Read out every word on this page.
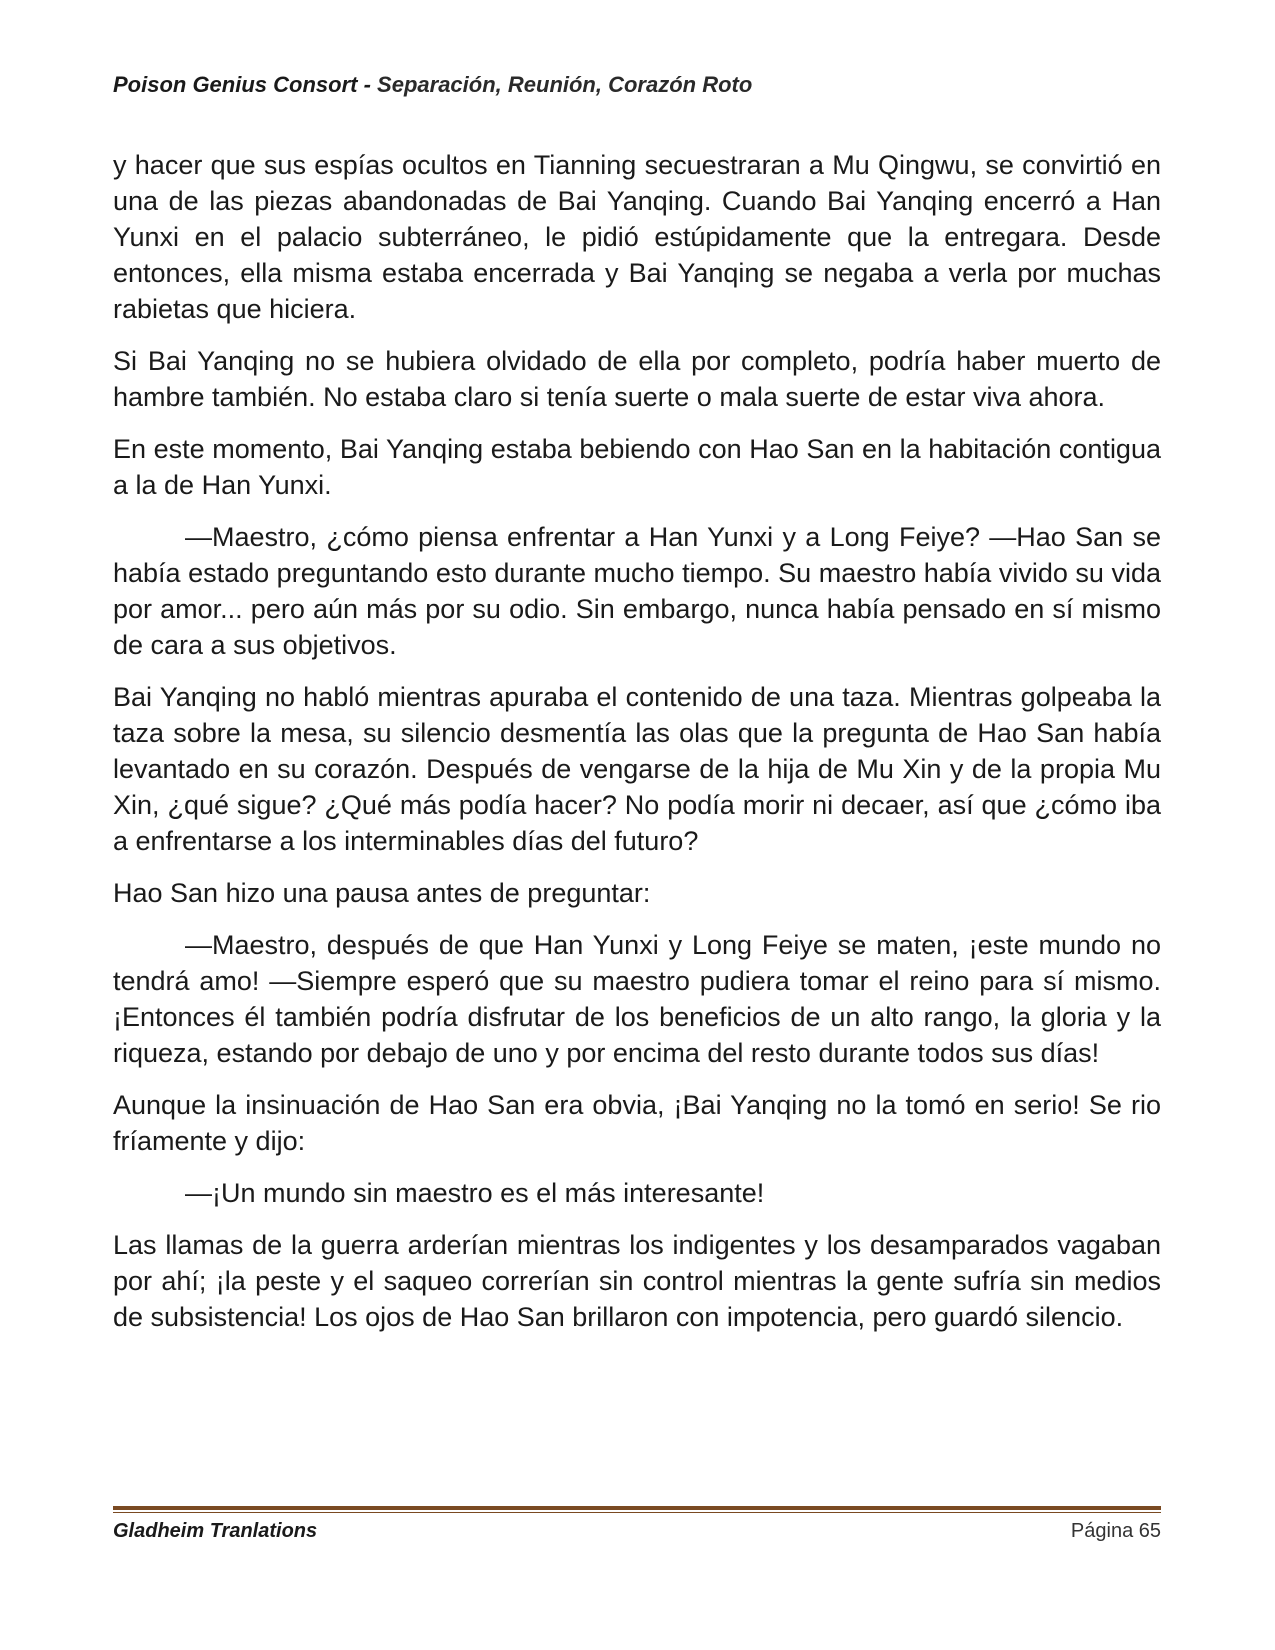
Poison Genius Consort - Separación, Reunión, Corazón Roto

y hacer que sus espías ocultos en Tianning secuestraran a Mu Qingwu, se convirtió en una de las piezas abandonadas de Bai Yanqing. Cuando Bai Yanqing encerró a Han Yunxi en el palacio subterráneo, le pidió estúpidamente que la entregara. Desde entonces, ella misma estaba encerrada y Bai Yanqing se negaba a verla por muchas rabietas que hiciera.

Si Bai Yanqing no se hubiera olvidado de ella por completo, podría haber muerto de hambre también. No estaba claro si tenía suerte o mala suerte de estar viva ahora.

En este momento, Bai Yanqing estaba bebiendo con Hao San en la habitación contigua a la de Han Yunxi.

—Maestro, ¿cómo piensa enfrentar a Han Yunxi y a Long Feiye? —Hao San se había estado preguntando esto durante mucho tiempo. Su maestro había vivido su vida por amor... pero aún más por su odio. Sin embargo, nunca había pensado en sí mismo de cara a sus objetivos.

Bai Yanqing no habló mientras apuraba el contenido de una taza. Mientras golpeaba la taza sobre la mesa, su silencio desmentía las olas que la pregunta de Hao San había levantado en su corazón. Después de vengarse de la hija de Mu Xin y de la propia Mu Xin, ¿qué sigue? ¿Qué más podía hacer? No podía morir ni decaer, así que ¿cómo iba a enfrentarse a los interminables días del futuro?

Hao San hizo una pausa antes de preguntar:

—Maestro, después de que Han Yunxi y Long Feiye se maten, ¡este mundo no tendrá amo! —Siempre esperó que su maestro pudiera tomar el reino para sí mismo. ¡Entonces él también podría disfrutar de los beneficios de un alto rango, la gloria y la riqueza, estando por debajo de uno y por encima del resto durante todos sus días!

Aunque la insinuación de Hao San era obvia, ¡Bai Yanqing no la tomó en serio! Se rio fríamente y dijo:

—¡Un mundo sin maestro es el más interesante!

Las llamas de la guerra arderían mientras los indigentes y los desamparados vagaban por ahí; ¡la peste y el saqueo correrían sin control mientras la gente sufría sin medios de subsistencia! Los ojos de Hao San brillaron con impotencia, pero guardó silencio.

Gladheim Tranlations	Página 65
